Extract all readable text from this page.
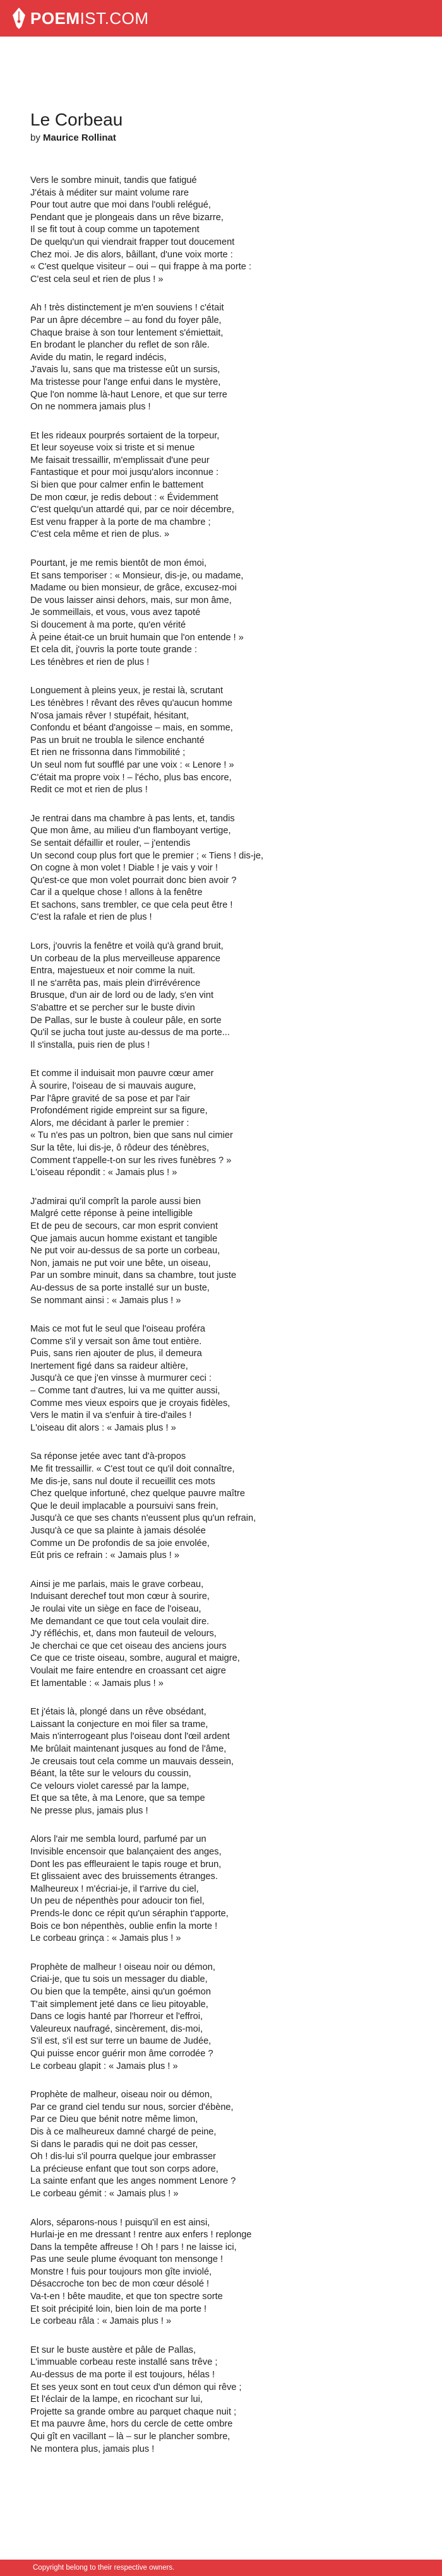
POEMIST.COM
Le Corbeau
by Maurice Rollinat
Vers le sombre minuit, tandis que fatigué
J'étais à méditer sur maint volume rare
Pour tout autre que moi dans l'oubli relégué,
Pendant que je plongeais dans un rêve bizarre,
Il se fit tout à coup comme un tapotement
De quelqu'un qui viendrait frapper tout doucement
Chez moi. Je dis alors, bâillant, d'une voix morte :
« C'est quelque visiteur – oui – qui frappe à ma porte :
C'est cela seul et rien de plus ! »
Ah ! très distinctement je m'en souviens ! c'était
Par un âpre décembre – au fond du foyer pâle,
Chaque braise à son tour lentement s'émiettait,
En brodant le plancher du reflet de son râle.
Avide du matin, le regard indécis,
J'avais lu, sans que ma tristesse eût un sursis,
Ma tristesse pour l'ange enfui dans le mystère,
Que l'on nomme là-haut Lenore, et que sur terre
On ne nommera jamais plus !
Et les rideaux pourprés sortaient de la torpeur,
Et leur soyeuse voix si triste et si menue
Me faisait tressaillir, m'emplissait d'une peur
Fantastique et pour moi jusqu'alors inconnue :
Si bien que pour calmer enfin le battement
De mon cœur, je redis debout : « Évidemment
C'est quelqu'un attardé qui, par ce noir décembre,
Est venu frapper à la porte de ma chambre ;
C'est cela même et rien de plus. »
Pourtant, je me remis bientôt de mon émoi,
Et sans temporiser : « Monsieur, dis-je, ou madame,
Madame ou bien monsieur, de grâce, excusez-moi
De vous laisser ainsi dehors, mais, sur mon âme,
Je sommeillais, et vous, vous avez tapoté
Si doucement à ma porte, qu'en vérité
À peine était-ce un bruit humain que l'on entende ! »
Et cela dit, j'ouvris la porte toute grande :
Les ténèbres et rien de plus !
Longuement à pleins yeux, je restai là, scrutant
Les ténèbres ! rêvant des rêves qu'aucun homme
N'osa jamais rêver ! stupéfait, hésitant,
Confondu et béant d'angoisse – mais, en somme,
Pas un bruit ne troubla le silence enchanté
Et rien ne frissonna dans l'immobilité ;
Un seul nom fut soufflé par une voix : « Lenore ! »
C'était ma propre voix ! – l'écho, plus bas encore,
Redit ce mot et rien de plus !
Je rentrai dans ma chambre à pas lents, et, tandis
Que mon âme, au milieu d'un flamboyant vertige,
Se sentait défaillir et rouler, – j'entendis
Un second coup plus fort que le premier ; « Tiens ! dis-je,
On cogne à mon volet ! Diable ! je vais y voir !
Qu'est-ce que mon volet pourrait donc bien avoir ?
Car il a quelque chose ! allons à la fenêtre
Et sachons, sans trembler, ce que cela peut être !
C'est la rafale et rien de plus !
Lors, j'ouvris la fenêtre et voilà qu'à grand bruit,
Un corbeau de la plus merveilleuse apparence
Entra, majestueux et noir comme la nuit.
Il ne s'arrêta pas, mais plein d'irrévérence
Brusque, d'un air de lord ou de lady, s'en vint
S'abattre et se percher sur le buste divin
De Pallas, sur le buste à couleur pâle, en sorte
Qu'il se jucha tout juste au-dessus de ma porte...
Il s'installa, puis rien de plus !
Et comme il induisait mon pauvre cœur amer
À sourire, l'oiseau de si mauvais augure,
Par l'âpre gravité de sa pose et par l'air
Profondément rigide empreint sur sa figure,
Alors, me décidant à parler le premier :
« Tu n'es pas un poltron, bien que sans nul cimier
Sur la tête, lui dis-je, ô rôdeur des ténèbres,
Comment t'appelle-t-on sur les rives funèbres ? »
L'oiseau répondit : « Jamais plus ! »
J'admirai qu'il comprît la parole aussi bien
Malgré cette réponse à peine intelligible
Et de peu de secours, car mon esprit convient
Que jamais aucun homme existant et tangible
Ne put voir au-dessus de sa porte un corbeau,
Non, jamais ne put voir une bête, un oiseau,
Par un sombre minuit, dans sa chambre, tout juste
Au-dessus de sa porte installé sur un buste,
Se nommant ainsi : « Jamais plus ! »
Mais ce mot fut le seul que l'oiseau proféra
Comme s'il y versait son âme tout entière.
Puis, sans rien ajouter de plus, il demeura
Inertement figé dans sa raideur altière,
Jusqu'à ce que j'en vinsse à murmurer ceci :
– Comme tant d'autres, lui va me quitter aussi,
Comme mes vieux espoirs que je croyais fidèles,
Vers le matin il va s'enfuir à tire-d'ailes !
L'oiseau dit alors : « Jamais plus ! »
Sa réponse jetée avec tant d'à-propos
Me fit tressaillir. « C'est tout ce qu'il doit connaître,
Me dis-je, sans nul doute il recueillit ces mots
Chez quelque infortuné, chez quelque pauvre maître
Que le deuil implacable a poursuivi sans frein,
Jusqu'à ce que ses chants n'eussent plus qu'un refrain,
Jusqu'à ce que sa plainte à jamais désolée
Comme un De profondis de sa joie envolée,
Eût pris ce refrain : « Jamais plus ! »
Ainsi je me parlais, mais le grave corbeau,
Induisant derechef tout mon cœur à sourire,
Je roulai vite un siège en face de l'oiseau,
Me demandant ce que tout cela voulait dire.
J'y réfléchis, et, dans mon fauteuil de velours,
Je cherchai ce que cet oiseau des anciens jours
Ce que ce triste oiseau, sombre, augural et maigre,
Voulait me faire entendre en croassant cet aigre
Et lamentable : « Jamais plus ! »
Et j'étais là, plongé dans un rêve obsédant,
Laissant la conjecture en moi filer sa trame,
Mais n'interrogeant plus l'oiseau dont l'œil ardent
Me brûlait maintenant jusques au fond de l'âme,
Je creusais tout cela comme un mauvais dessein,
Béant, la tête sur le velours du coussin,
Ce velours violet caressé par la lampe,
Et que sa tête, à ma Lenore, que sa tempe
Ne presse plus, jamais plus !
Alors l'air me sembla lourd, parfumé par un
Invisible encensoir que balançaient des anges,
Dont les pas effleuraient le tapis rouge et brun,
Et glissaient avec des bruissements étranges.
Malheureux ! m'écriai-je, il t'arrive du ciel,
Un peu de népenthès pour adoucir ton fiel,
Prends-le donc ce répit qu'un séraphin t'apporte,
Bois ce bon népenthès, oublie enfin la morte !
Le corbeau grinça : « Jamais plus ! »
Prophète de malheur ! oiseau noir ou démon,
Criai-je, que tu sois un messager du diable,
Ou bien que la tempête, ainsi qu'un goémon
T'ait simplement jeté dans ce lieu pitoyable,
Dans ce logis hanté par l'horreur et l'effroi,
Valeureux naufragé, sincèrement, dis-moi,
S'il est, s'il est sur terre un baume de Judée,
Qui puisse encor guérir mon âme corrodée ?
Le corbeau glapit : « Jamais plus ! »
Prophète de malheur, oiseau noir ou démon,
Par ce grand ciel tendu sur nous, sorcier d'ébène,
Par ce Dieu que bénit notre même limon,
Dis à ce malheureux damné chargé de peine,
Si dans le paradis qui ne doit pas cesser,
Oh ! dis-lui s'il pourra quelque jour embrasser
La précieuse enfant que tout son corps adore,
La sainte enfant que les anges nomment Lenore ?
Le corbeau gémit : « Jamais plus ! »
Alors, séparons-nous ! puisqu'il en est ainsi,
Hurlai-je en me dressant ! rentre aux enfers ! replonge
Dans la tempête affreuse ! Oh ! pars ! ne laisse ici,
Pas une seule plume évoquant ton mensonge !
Monstre ! fuis pour toujours mon gîte inviolé,
Désaccroche ton bec de mon cœur désolé !
Va-t-en ! bête maudite, et que ton spectre sorte
Et soit précipité loin, bien loin de ma porte !
Le corbeau râla : « Jamais plus ! »
Et sur le buste austère et pâle de Pallas,
L'immuable corbeau reste installé sans trêve ;
Au-dessus de ma porte il est toujours, hélas !
Et ses yeux sont en tout ceux d'un démon qui rêve ;
Et l'éclair de la lampe, en ricochant sur lui,
Projette sa grande ombre au parquet chaque nuit ;
Et ma pauvre âme, hors du cercle de cette ombre
Qui gît en vacillant – là – sur le plancher sombre,
Ne montera plus, jamais plus !
Copyright belong to their respective owners.
